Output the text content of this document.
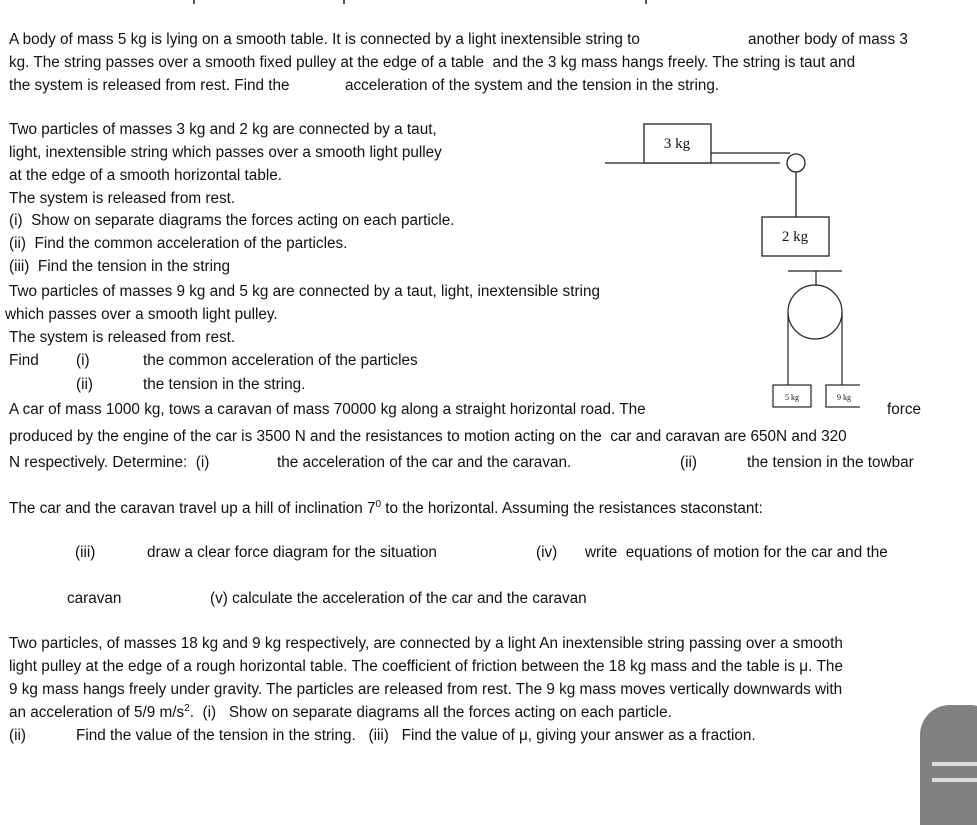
A body of mass 5 kg is lying on a smooth table. It is connected by a light inextensible string to	another body of mass 3
kg. The string passes over a smooth fixed pulley at the edge of a table  and the 3 kg mass hangs freely. The string is taut and
the system is released from rest. Find the	acceleration of the system and the tension in the string.
Two particles of masses 3 kg and 2 kg are connected by a taut,
light, inextensible string which passes over a smooth light pulley
at the edge of a smooth horizontal table.
The system is released from rest.
(i)  Show on separate diagrams the forces acting on each particle.
(ii)  Find the common acceleration of the particles.
(iii)  Find the tension in the string
3 kg
2 kg
5 kg	9 kg
Two particles of masses 9 kg and 5 kg are connected by a taut, light, inextensible string
which passes over a smooth light pulley.
The system is released from rest.
Find (i)	the common acceleration of the particles
(ii)	the tension in the string.
A car of mass 1000 kg, tows a caravan of mass 70000 kg along a straight horizontal road. The	force
produced by the engine of the car is 3500 N and the resistances to motion acting on the  car and caravan are 650N and 320
N respectively. Determine:  (i)	the acceleration of the car and the caravan.	(ii)	the tension in the towbar
The car and the caravan travel up a hill of inclination $7^0$ to the horizontal. Assuming the resistances staconstant:
(iii)	draw a clear force diagram for the situation	(iv) write  equations of motion for the car and the
caravan	(v) calculate the acceleration of the car and the caravan
Two particles, of masses 18 kg and 9 kg respectively, are connected by a light An inextensible string passing over a smooth
light pulley at the edge of a rough horizontal table. The coefficient of friction between the 18 kg mass and the table is μ. The
9 kg mass hangs freely under gravity. The particles are released from rest. The 9 kg mass moves vertically downwards with
an acceleration of 5/9 $m/s^2$.  (i)   Show on separate diagrams all the forces acting on each particle.
(ii)	Find the value of the tension in the string.   (iii)   Find the value of μ, giving your answer as a fraction.
